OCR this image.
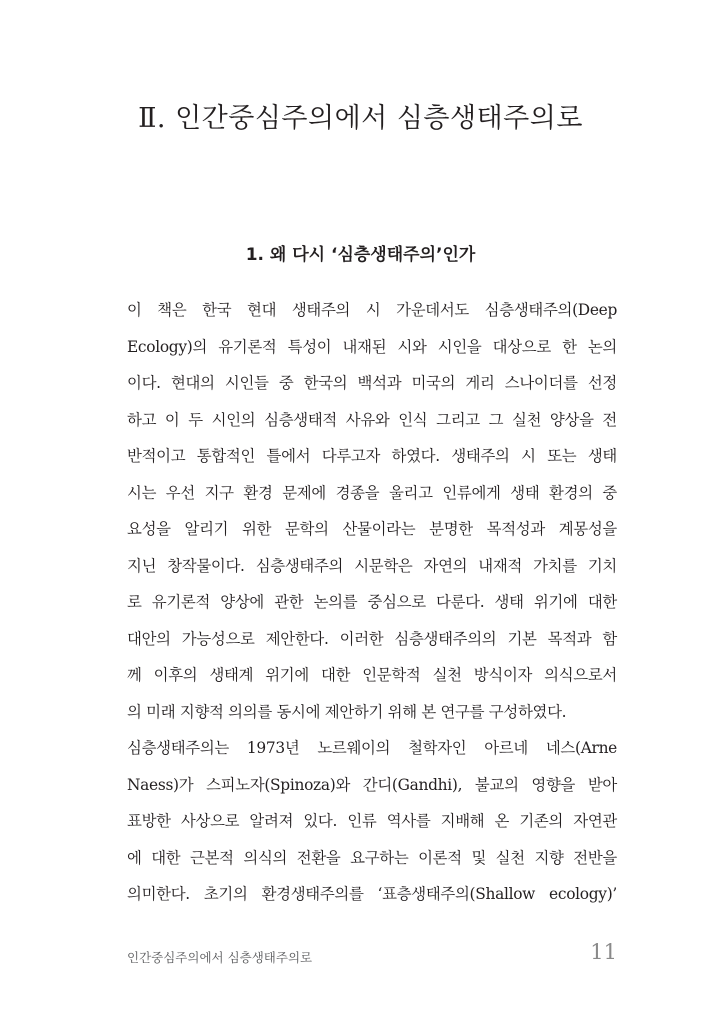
Ⅱ. 인간중심주의에서 심층생태주의로
1. 왜 다시 ‘심층생태주의’인가
이 책은 한국 현대 생태주의 시 가운데서도 심층생태주의(Deep
Ecology)의 유기론적 특성이 내재된 시와 시인을 대상으로 한 논의
이다. 현대의 시인들 중 한국의 백석과 미국의 게리 스나이더를 선정
하고 이 두 시인의 심층생태적 사유와 인식 그리고 그 실천 양상을 전
반적이고 통합적인 틀에서 다루고자 하였다. 생태주의 시 또는 생태
시는 우선 지구 환경 문제에 경종을 울리고 인류에게 생태 환경의 중
요성을 알리기 위한 문학의 산물이라는 분명한 목적성과 계몽성을
지닌 창작물이다. 심층생태주의 시문학은 자연의 내재적 가치를 기치
로 유기론적 양상에 관한 논의를 중심으로 다룬다. 생태 위기에 대한
대안의 가능성으로 제안한다. 이러한 심층생태주의의 기본 목적과 함
께 이후의 생태계 위기에 대한 인문학적 실천 방식이자 의식으로서
의 미래 지향적 의의를 동시에 제안하기 위해 본 연구를 구성하였다.
심층생태주의는 1973년 노르웨이의 철학자인 아르네 네스(Arne
Naess)가 스피노자(Spinoza)와 간디(Gandhi), 불교의 영향을 받아
표방한 사상으로 알려져 있다. 인류 역사를 지배해 온 기존의 자연관
에 대한 근본적 의식의 전환을 요구하는 이론적 및 실천 지향 전반을
의미한다. 초기의 환경생태주의를 ‘표층생태주의(Shallow ecology)’
인간중심주의에서 심층생태주의로	11
